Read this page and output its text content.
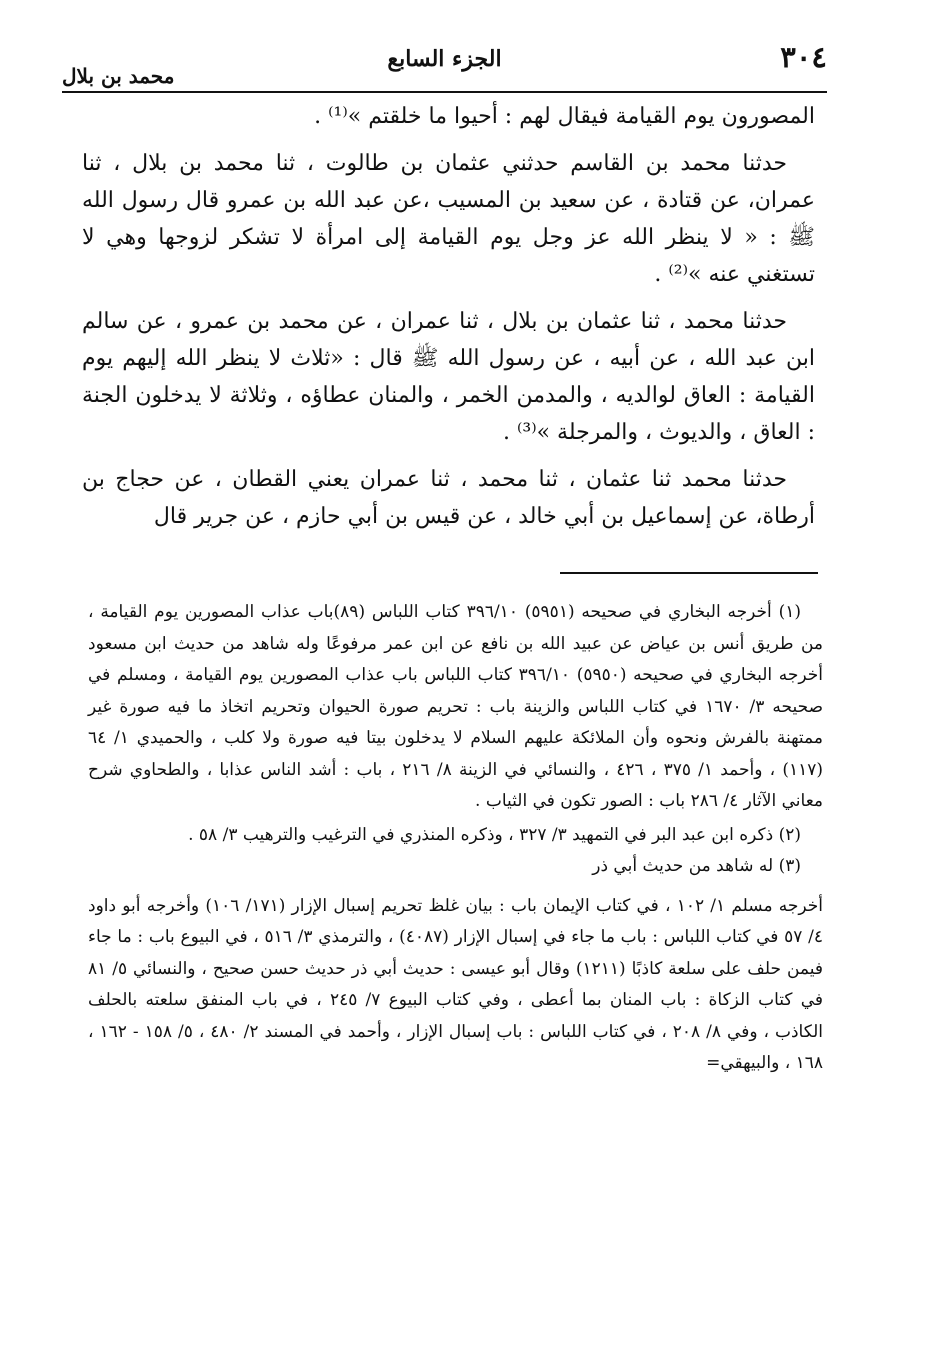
٣٠٤
الجزء السابع
محمد بن بلال

المصورون يوم القيامة فيقال لهم : أحيوا ما خلقتم »⁽¹⁾ .

حدثنا محمد بن القاسم حدثني عثمان بن طالوت ، ثنا محمد بن بلال ، ثنا عمران، عن قتادة ، عن سعيد بن المسيب ،عن عبد الله بن عمرو قال رسول الله ﷺ : « لا ينظر الله عز وجل يوم القيامة إلى امرأة لا تشكر لزوجها وهي لا تستغني عنه »⁽²⁾ .

حدثنا محمد ، ثنا عثمان بن بلال ، ثنا عمران ، عن محمد بن عمرو ، عن سالم ابن عبد الله ، عن أبيه ، عن رسول الله ﷺ قال : «ثلاث لا ينظر الله إليهم يوم القيامة : العاق لوالديه ، والمدمن الخمر ، والمنان عطاؤه ، وثلاثة لا يدخلون الجنة : العاق ، والديوث ، والمرجلة »⁽³⁾ .

حدثنا محمد ثنا عثمان ، ثنا محمد ، ثنا عمران يعني القطان ، عن حجاج بن أرطاة، عن إسماعيل بن أبي خالد ، عن قيس بن أبي حازم ، عن جرير قال

(١) أخرجه البخاري في صحيحه (٥٩٥١) ٣٩٦/١٠ كتاب اللباس (٨٩)باب عذاب المصورين يوم القيامة ، من طريق أنس بن عياض عن عبيد الله بن نافع عن ابن عمر مرفوعًا وله شاهد من حديث ابن مسعود أخرجه البخاري في صحيحه (٥٩٥٠) ٣٩٦/١٠ كتاب اللباس باب عذاب المصورين يوم القيامة ، ومسلم في صحيحه ٣/ ١٦٧٠ في كتاب اللباس والزينة باب : تحريم صورة الحيوان وتحريم اتخاذ ما فيه صورة غير ممتهنة بالفرش ونحوه وأن الملائكة عليهم السلام لا يدخلون بيتا فيه صورة ولا كلب ، والحميدي ١/ ٦٤ (١١٧) ، وأحمد ١/ ٣٧٥ ، ٤٢٦ ، والنسائي في الزينة ٨/ ٢١٦ ، باب : أشد الناس عذابا ، والطحاوي شرح معاني الآثار ٤/ ٢٨٦ باب : الصور تكون في الثياب .

(٢) ذكره ابن عبد البر في التمهيد ٣/ ٣٢٧ ، وذكره المنذري في الترغيب والترهيب ٣/ ٥٨ .

(٣) له شاهد من حديث أبي ذر

أخرجه مسلم ١/ ١٠٢ ، في كتاب الإيمان باب : بيان غلظ تحريم إسبال الإزار (١٧١/ ١٠٦) وأخرجه أبو داود ٤/ ٥٧ في كتاب اللباس : باب ما جاء في إسبال الإزار (٤٠٨٧) ، والترمذي ٣/ ٥١٦ ، في البيوع باب : ما جاء فيمن حلف على سلعة كاذبًا (١٢١١) وقال أبو عيسى : حديث أبي ذر حديث حسن صحيح ، والنسائي ٥/ ٨١ في كتاب الزكاة : باب المنان بما أعطى ، وفي كتاب البيوع ٧/ ٢٤٥ ، في باب المنفق سلعته بالحلف الكاذب ، وفي ٨/ ٢٠٨ ، في كتاب اللباس : باب إسبال الإزار ، وأحمد في المسند ٢/ ٤٨٠ ، ٥/ ١٥٨ - ١٦٢ ، ١٦٨ ، والبيهقي=
